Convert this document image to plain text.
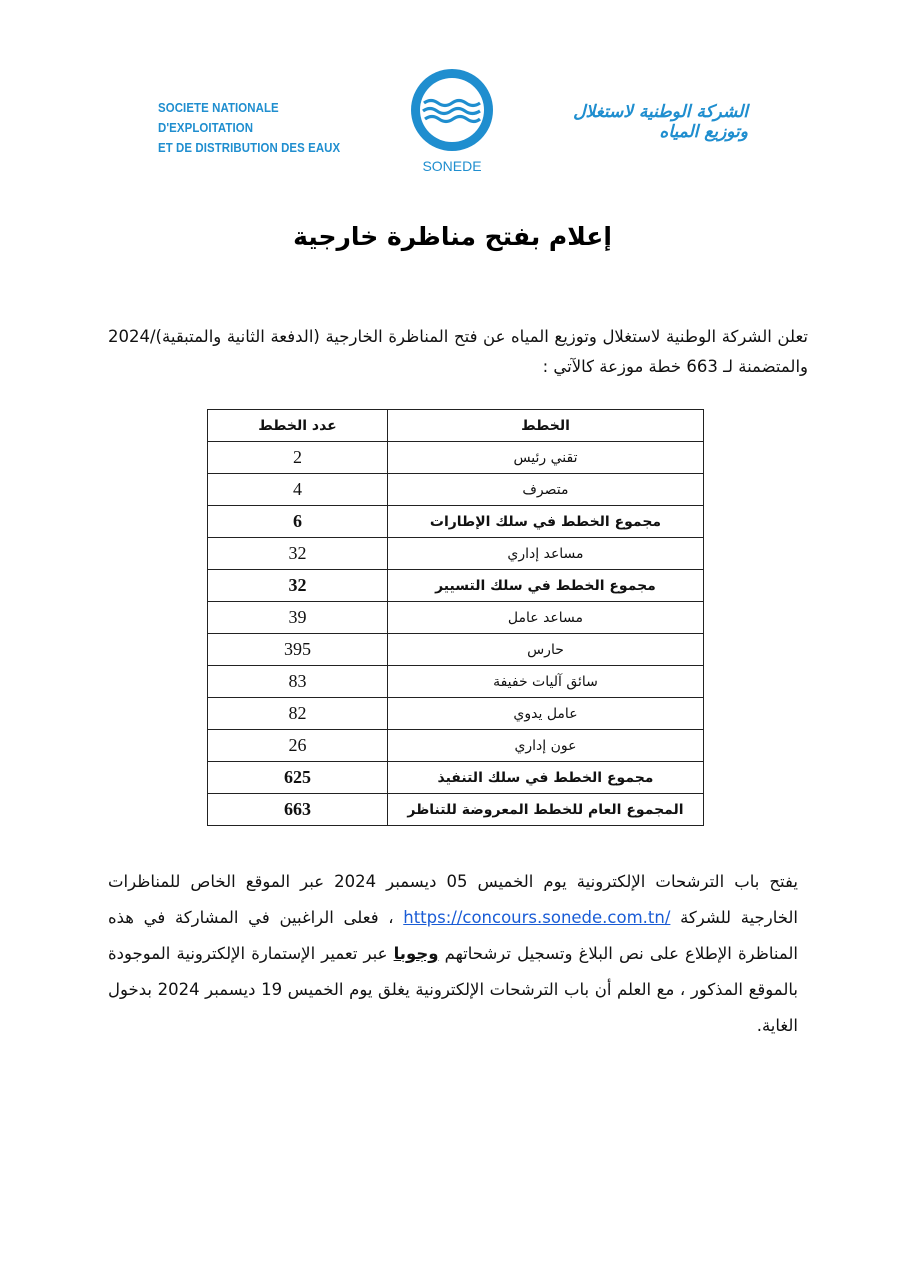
SOCIETE NATIONALE D'EXPLOITATION
ET DE DISTRIBUTION DES EAUX
SONEDE
الشركة الوطنية لاستغلال وتوزيع المياه
إعلام بفتح مناظرة خارجية
تعلن الشركة الوطنية لاستغلال وتوزيع المياه عن فتح المناظرة الخارجية (الدفعة الثانية والمتبقية)/2024 والمتضمنة لـ 663 خطة موزعة كالآتي :
الخطط	عدد الخطط
تقني رئيس	2
متصرف	4
مجموع الخطط في سلك الإطارات	6
مساعد إداري	32
مجموع الخطط في سلك التسيير	32
مساعد عامل	39
حارس	395
سائق آليات خفيفة	83
عامل يدوي	82
عون إداري	26
مجموع الخطط في سلك التنفيذ	625
المجموع العام للخطط المعروضة للتناظر	663
يفتح باب الترشحات الإلكترونية يوم الخميس 05 ديسمبر 2024 عبر الموقع الخاص للمناظرات الخارجية للشركة https://concours.sonede.com.tn/ ، فعلى الراغبين في المشاركة في هذه المناظرة الإطلاع على نص البلاغ وتسجيل ترشحاتهم وجوبا عبر تعمير الإستمارة الإلكترونية الموجودة بالموقع المذكور ، مع العلم أن باب الترشحات الإلكترونية يغلق يوم الخميس 19 ديسمبر 2024 بدخول الغاية.
